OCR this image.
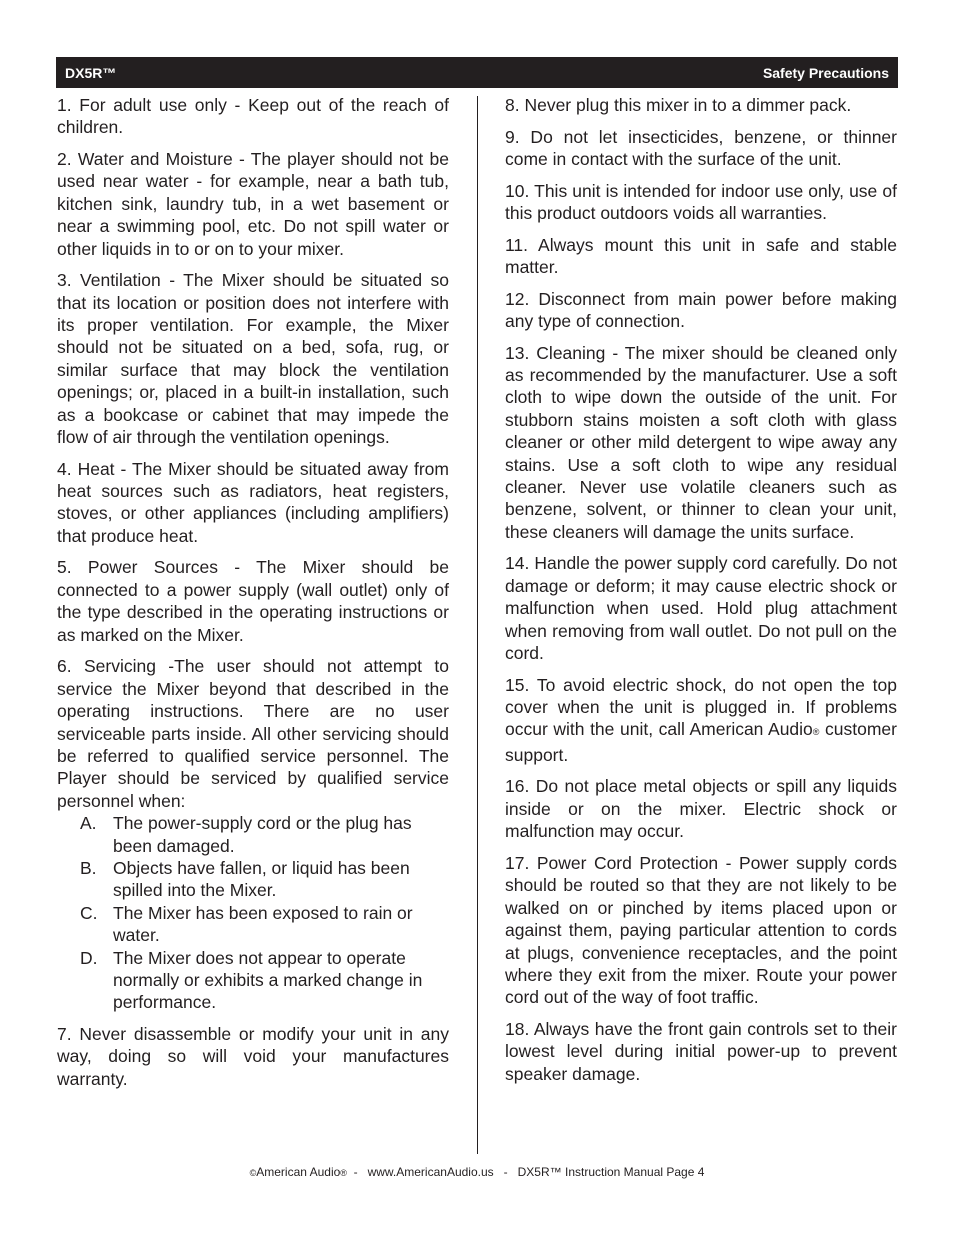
DX5R™	Safety Precautions

1. For adult use only - Keep out of the reach of children.

2. Water and Moisture - The player should not be used near water - for example, near a bath tub, kitchen sink, laundry tub, in a wet basement or near a swimming pool, etc. Do not spill water or other liquids in to or on to your mixer.

3. Ventilation - The Mixer should be situated so that its location or position does not interfere with its proper ventilation. For example, the Mixer should not be situated on a bed, sofa, rug, or similar surface that may block the ventilation openings; or, placed in a built-in installation, such as a bookcase or cabinet that may impede the flow of air through the ventilation openings.

4. Heat - The Mixer should be situated away from heat sources such as radiators, heat registers, stoves, or other appliances (including amplifiers) that produce heat.

5. Power Sources - The Mixer should be connected to a power supply (wall outlet) only of the type described in the operating instructions or as marked on the Mixer.

6. Servicing -The user should not attempt to service the Mixer beyond that described in the operating instructions. There are no user serviceable parts inside. All other servicing should be referred to qualified service personnel. The Player should be serviced by qualified service personnel when:

A. The power-supply cord or the plug has been damaged.
B. Objects have fallen, or liquid has been spilled into the Mixer.
C. The Mixer has been exposed to rain or water.
D. The Mixer does not appear to operate normally or exhibits a marked change in performance.

7. Never disassemble or modify your unit in any way, doing so will void your manufactures warranty.

8. Never plug this mixer in to a dimmer pack.

9. Do not let insecticides, benzene, or thinner come in contact with the surface of the unit.

10. This unit is intended for indoor use only, use of this product outdoors voids all warranties.

11. Always mount this unit in safe and stable matter.

12. Disconnect from main power before making any type of connection.

13. Cleaning - The mixer should be cleaned only as recommended by the manufacturer. Use a soft cloth to wipe down the outside of the unit. For stubborn stains moisten a soft cloth with glass cleaner or other mild detergent to wipe away any stains. Use a soft cloth to wipe any residual cleaner. Never use volatile cleaners such as benzene, solvent, or thinner to clean your unit, these cleaners will damage the units surface.

14. Handle the power supply cord carefully. Do not damage or deform; it may cause electric shock or malfunction when used. Hold plug attachment when removing from wall outlet. Do not pull on the cord.

15. To avoid electric shock, do not open the top cover when the unit is plugged in. If problems occur with the unit, call American Audio® customer support.

16. Do not place metal objects or spill any liquids inside or on the mixer. Electric shock or malfunction may occur.

17. Power Cord Protection - Power supply cords should be routed so that they are not likely to be walked on or pinched by items placed upon or against them, paying particular attention to cords at plugs, convenience receptacles, and the point where they exit from the mixer. Route your power cord out of the way of foot traffic.

18. Always have the front gain controls set to their lowest level during initial power-up to prevent speaker damage.

©American Audio®  -   www.AmericanAudio.us   -   DX5R™ Instruction Manual Page 4
